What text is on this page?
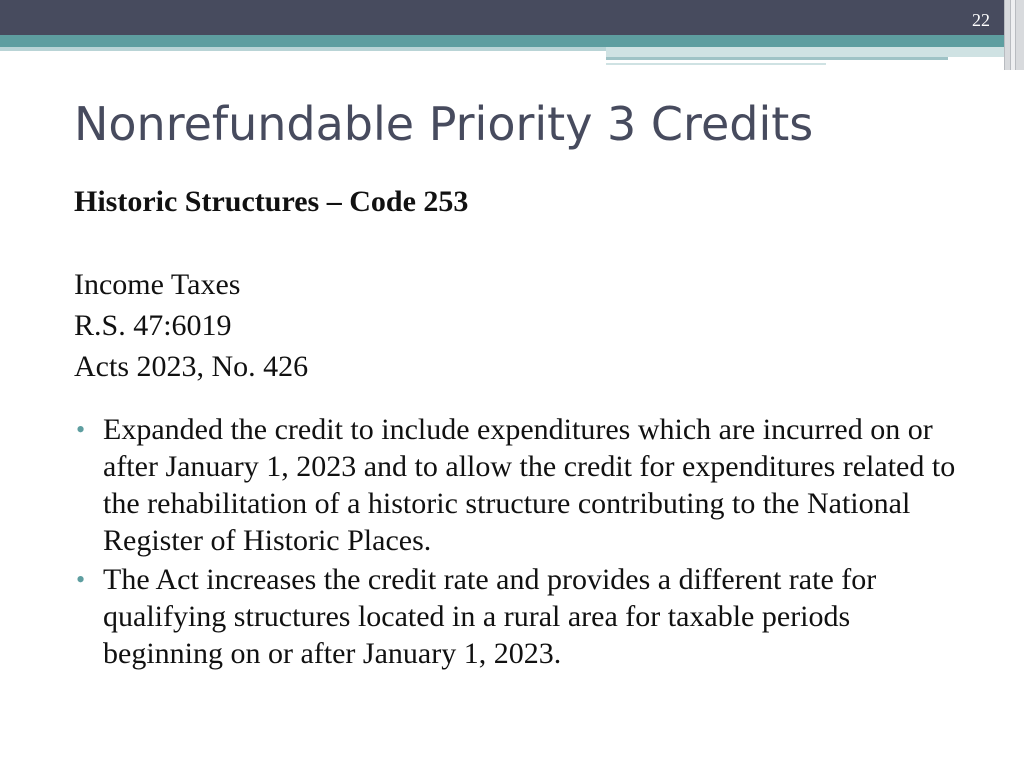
22
Nonrefundable Priority 3 Credits

Historic Structures – Code 253

Income Taxes
R.S. 47:6019
Acts 2023, No. 426
• Expanded the credit to include expenditures which are incurred on or after January 1, 2023 and to allow the credit for expenditures related to the rehabilitation of a historic structure contributing to the National Register of Historic Places.
• The Act increases the credit rate and provides a different rate for qualifying structures located in a rural area for taxable periods beginning on or after January 1, 2023.
